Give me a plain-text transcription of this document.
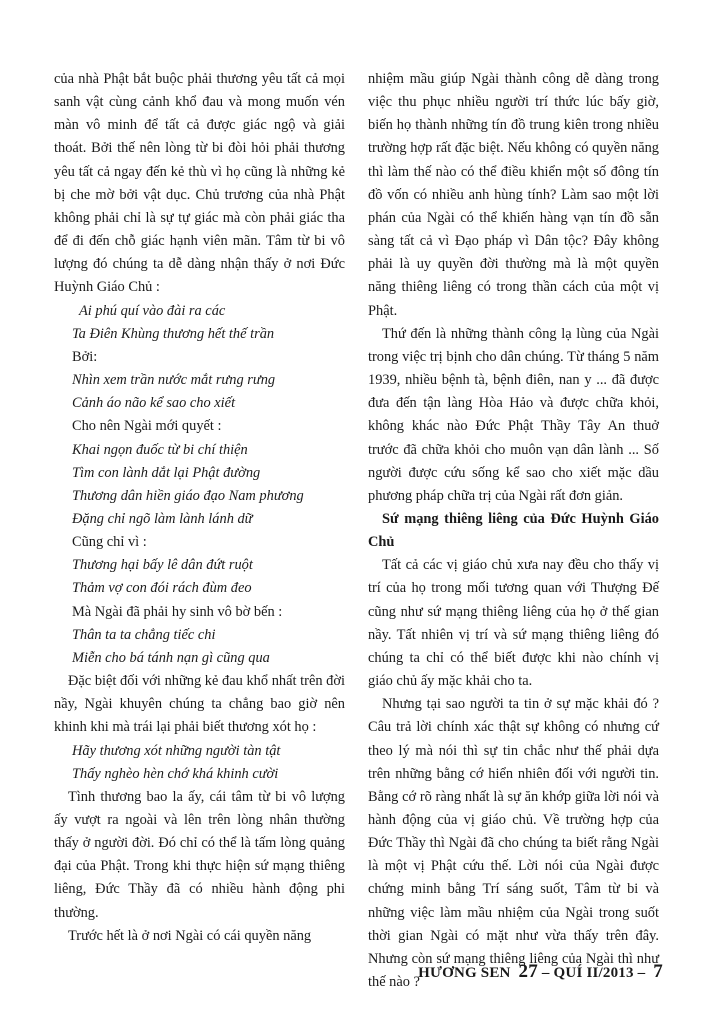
của nhà Phật bắt buộc phải thương yêu tất cả mọi sanh vật cùng cảnh khổ đau và mong muốn vén màn vô minh để tất cả được giác ngộ và giải thoát. Bởi thế nên lòng từ bi đòi hỏi phải thương yêu tất cả ngay đến kẻ thù vì họ cũng là những kẻ bị che mờ bởi vật dục. Chủ trương của nhà Phật không phải chỉ là sự tự giác mà còn phải giác tha để đi đến chỗ giác hạnh viên mãn. Tâm từ bi vô lượng đó chúng ta dễ dàng nhận thấy ở nơi Đức Huỳnh Giáo Chủ :

Ai phú quí vào đài ra các

Ta Điên Khùng thương hết thế trần

Bởi:

Nhìn xem trần nước mắt rưng rưng

Cảnh áo não kể sao cho xiết

Cho nên Ngài mới quyết :

Khai ngọn đuốc từ bi chí thiện

Tìm con lành dắt lại Phật đường

Thương dân hiền giáo đạo Nam phương

Đặng chỉ ngõ làm lành lánh dữ

Cũng chỉ vì :

Thương hại bấy lê dân đứt ruột

Thảm vợ con đói rách đùm đeo

Mà Ngài đã phải hy sinh vô bờ bến :

Thân ta ta chẳng tiếc chi

Miễn cho bá tánh nạn gì cũng qua

Đặc biệt đối với những kẻ đau khổ nhất trên đời nầy, Ngài khuyên chúng ta chẳng bao giờ nên khinh khi mà trái lại phải biết thương xót họ :

Hãy thương xót những người tàn tật

Thấy nghèo hèn chớ khá khinh cười

Tình thương bao la ấy, cái tâm từ bi vô lượng ấy vượt ra ngoài và lên trên lòng nhân thường thấy ở người đời. Đó chỉ có thể là tấm lòng quảng đại của Phật. Trong khi thực hiện sứ mạng thiêng liêng, Đức Thầy đã có nhiều hành động phi thường.

Trước hết là ở nơi Ngài có cái quyền năng

nhiệm mầu giúp Ngài thành công dễ dàng trong việc thu phục nhiều người trí thức lúc bấy giờ, biến họ thành những tín đồ trung kiên trong nhiều trường hợp rất đặc biệt. Nếu không có quyền năng thì làm thế nào có thể điều khiển một số đông tín đồ vốn có nhiều anh hùng tính? Làm sao một lời phán của Ngài có thể khiến hàng vạn tín đồ sẵn sàng tất cả vì Đạo pháp vì Dân tộc? Đây không phải là uy quyền đời thường mà là một quyền năng thiêng liêng có trong thần cách của một vị Phật.

Thứ đến là những thành công lạ lùng của Ngài trong việc trị bịnh cho dân chúng. Từ tháng 5 năm 1939, nhiều bệnh tà, bệnh điên, nan y ... đã được đưa đến tận làng Hòa Hảo và được chữa khỏi, không khác nào Đức Phật Thầy Tây An thuở trước đã chữa khỏi cho muôn vạn dân lành ... Số người được cứu sống kể sao cho xiết mặc dầu phương pháp chữa trị của Ngài rất đơn giản.

Sứ mạng thiêng liêng của Đức Huỳnh Giáo Chủ

Tất cả các vị giáo chủ xưa nay đều cho thấy vị trí của họ trong mối tương quan với Thượng Đế cũng như sứ mạng thiêng liêng của họ ở thế gian nầy. Tất nhiên vị trí và sứ mạng thiêng liêng đó chúng ta chỉ có thể biết được khi nào chính vị giáo chủ ấy mặc khải cho ta.

Nhưng tại sao người ta tin ở sự mặc khải đó ? Câu trả lời chính xác thật sự không có nhưng cứ theo lý mà nói thì sự tin chắc như thế phải dựa trên những bằng cớ hiển nhiên đối với người tin. Bằng cớ rõ ràng nhất là sự ăn khớp giữa lời nói và hành động của vị giáo chủ. Về trường hợp của Đức Thầy thì Ngài đã cho chúng ta biết rằng Ngài là một vị Phật cứu thế. Lời nói của Ngài được chứng minh bằng Trí sáng suốt, Tâm từ bi và những việc làm mầu nhiệm của Ngài trong suốt thời gian Ngài có mặt như vừa thấy trên đây. Nhưng còn sứ mạng thiêng liêng của Ngài thì như thế nào ?

HƯƠNG SEN 27 – QUÍ II/2013 – 7
